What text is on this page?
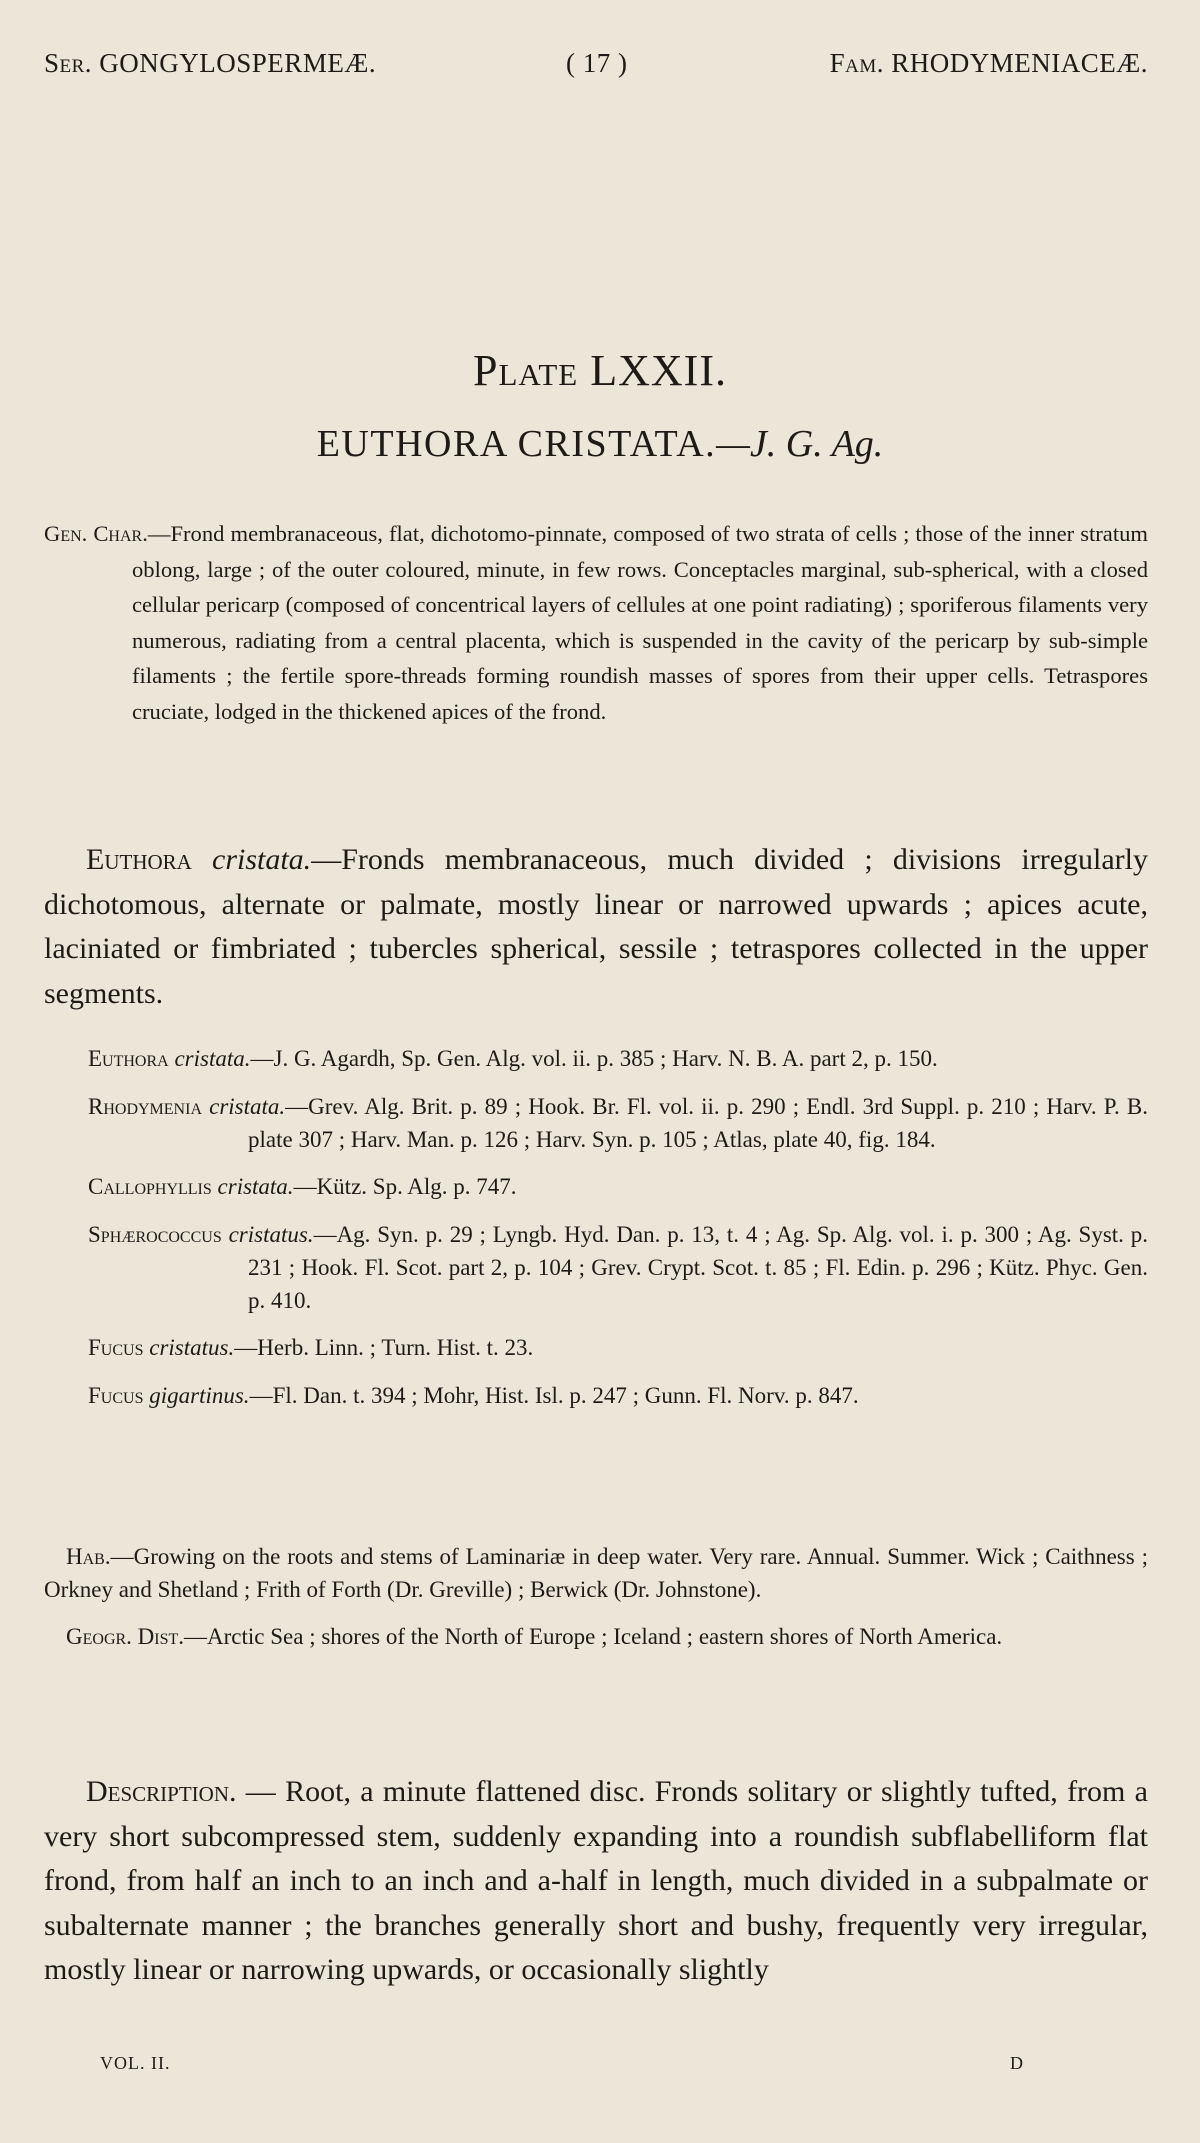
Ser. GONGYLOSPERMEÆ.	( 17 )	Fam. RHODYMENIACEÆ.
Plate LXXII.
EUTHORA CRISTATA.—J. G. Ag.

Gen. Char.—Frond membranaceous, flat, dichotomo-pinnate, composed of two strata of cells ; those of the inner stratum oblong, large ; of the outer coloured, minute, in few rows. Conceptacles marginal, sub-spherical, with a closed cellular pericarp (composed of concentrical layers of cellules at one point radiating) ; sporiferous filaments very numerous, radiating from a central placenta, which is suspended in the cavity of the pericarp by sub-simple filaments ; the fertile spore-threads forming roundish masses of spores from their upper cells. Tetraspores cruciate, lodged in the thickened apices of the frond.

Euthora cristata.—Fronds membranaceous, much divided ; divisions irregularly dichotomous, alternate or palmate, mostly linear or narrowed upwards ; apices acute, laciniated or fimbriated ; tubercles spherical, sessile ; tetraspores collected in the upper segments.

Euthora cristata.—J. G. Agardh, Sp. Gen. Alg. vol. ii. p. 385 ; Harv. N. B. A. part 2, p. 150.

Rhodymenia cristata.—Grev. Alg. Brit. p. 89 ; Hook. Br. Fl. vol. ii. p. 290 ; Endl. 3rd Suppl. p. 210 ; Harv. P. B. plate 307 ; Harv. Man. p. 126 ; Harv. Syn. p. 105 ; Atlas, plate 40, fig. 184.

Callophyllis cristata.—Kütz. Sp. Alg. p. 747.

Sphærococcus cristatus.—Ag. Syn. p. 29 ; Lyngb. Hyd. Dan. p. 13, t. 4 ; Ag. Sp. Alg. vol. i. p. 300 ; Ag. Syst. p. 231 ; Hook. Fl. Scot. part 2, p. 104 ; Grev. Crypt. Scot. t. 85 ; Fl. Edin. p. 296 ; Kütz. Phyc. Gen. p. 410.

Fucus cristatus.—Herb. Linn. ; Turn. Hist. t. 23.

Fucus gigartinus.—Fl. Dan. t. 394 ; Mohr, Hist. Isl. p. 247 ; Gunn. Fl. Norv. p. 847.

Hab.—Growing on the roots and stems of Laminariæ in deep water. Very rare. Annual. Summer. Wick ; Caithness ; Orkney and Shetland ; Frith of Forth (Dr. Greville) ; Berwick (Dr. Johnstone).

Geogr. Dist.—Arctic Sea ; shores of the North of Europe ; Iceland ; eastern shores of North America.

Description. — Root, a minute flattened disc. Fronds solitary or slightly tufted, from a very short subcompressed stem, suddenly expanding into a roundish subflabelliform flat frond, from half an inch to an inch and a-half in length, much divided in a subpalmate or subalternate manner ; the branches generally short and bushy, frequently very irregular, mostly linear or narrowing upwards, or occasionally slightly

VOL. II.	D
